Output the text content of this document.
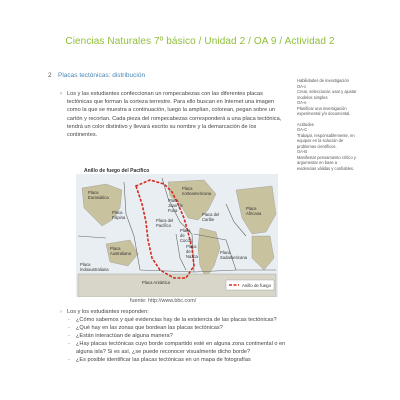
Ciencias Naturales 7º básico / Unidad 2 / OA 9 / Actividad 2
2 Placas tectónicas: distribución
› Los y las estudiantes confeccionan un rompecabezas con las diferentes placas tectónicas que forman la corteza terrestre. Para ello buscan en Internet una imagen como la que se muestra a continuación, luego la amplían, colorean, pegan sobre un cartón y recortan. Cada pieza del rompecabezas corresponderá a una placa tectónica, tendrá un color distintivo y llevará escrito su nombre y la demarcación de los continentes.
Anillo de fuego del Pacífico
Placa
Eurasiática
Placa
norteamericana
Placa
Filipina
Placa
Juan de
Fuca
Placa del
Caribe
Placa
Africana
Placa del
Pacífico
Placa
de
Cocos
Placa
de
Nazca
Placa
Sudamericana
Placa
Australiana
Placa Antártica
Placa
Indoaustraliana
Anillo de fuego
fuente: http://www.bbc.com/
› Los y los estudiantes responden:
-	¿Cómo sabemos y qué evidencias hay de la existencia de las placas tectónicas?
-	¿Qué hay en las zonas que bordean las placas tectónicas?
-	¿Están interactúan de alguna manera?
-	¿Hay placas tectónicas cuyo borde compartido esté en alguna zona continental o en alguna isla? Si es así, ¿se puede reconocer visualmente dicho borde?
-	¿Es posible identificar las placas tectónicas en un mapa de fotografías
Habilidades de investigación
OA-c
Crear, seleccionar, usar y ajustar modelos simples
OA-e
Planificar una investigación experimental y/o documental.
Actitudes
OA-C
Trabajar, responsablemente, en equipos en la solución de problemas científicos.
OA-B
Manifestar pensamiento crítico y argumentar en base a evidencias válidas y confiables.
